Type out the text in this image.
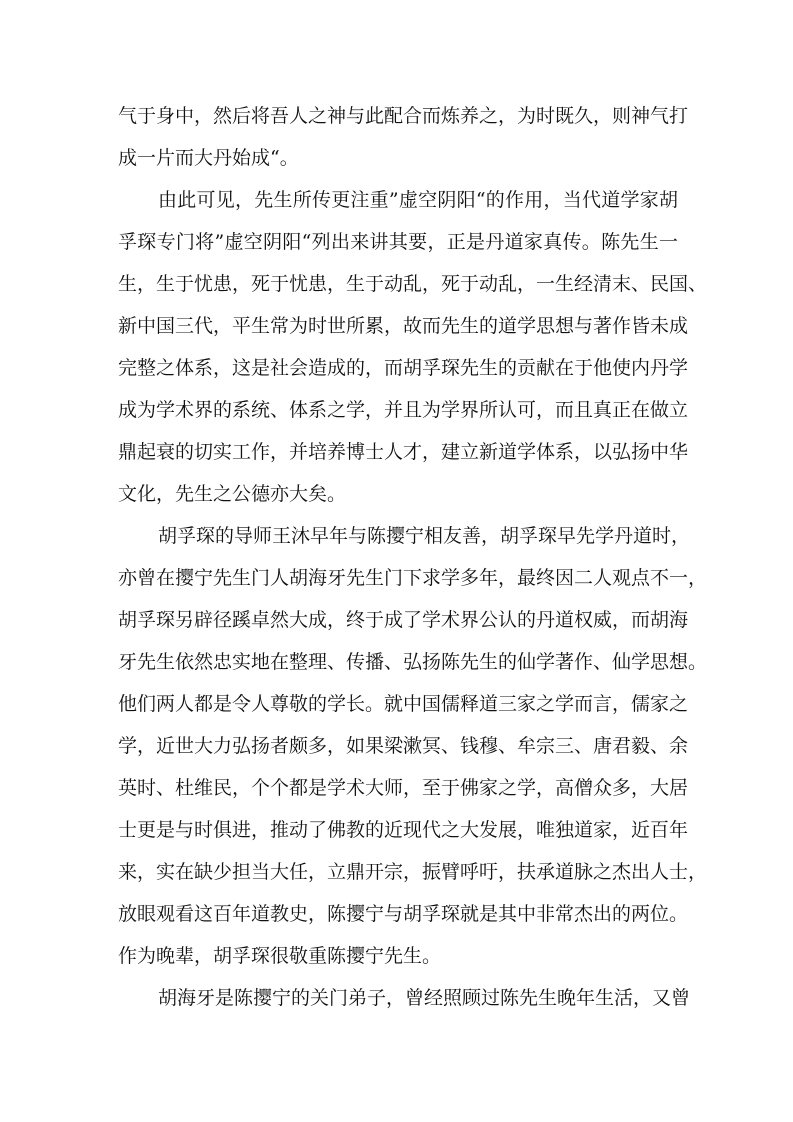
气于身中，然后将吾人之神与此配合而炼养之，为时既久，则神气打
成一片而大丹始成“。
由此可见，先生所传更注重”虚空阴阳“的作用，当代道学家胡
孚琛专门将”虚空阴阳“列出来讲其要，正是丹道家真传。陈先生一
生，生于忧患，死于忧患，生于动乱，死于动乱，一生经清末、民国、
新中国三代，平生常为时世所累，故而先生的道学思想与著作皆未成
完整之体系，这是社会造成的，而胡孚琛先生的贡献在于他使内丹学
成为学术界的系统、体系之学，并且为学界所认可，而且真正在做立
鼎起衰的切实工作，并培养博士人才，建立新道学体系，以弘扬中华
文化，先生之公德亦大矣。
胡孚琛的导师王沐早年与陈撄宁相友善，胡孚琛早先学丹道时，
亦曾在撄宁先生门人胡海牙先生门下求学多年，最终因二人观点不一，
胡孚琛另辟径蹊卓然大成，终于成了学术界公认的丹道权威，而胡海
牙先生依然忠实地在整理、传播、弘扬陈先生的仙学著作、仙学思想。
他们两人都是令人尊敬的学长。就中国儒释道三家之学而言，儒家之
学，近世大力弘扬者颇多，如果梁漱冥、钱穆、牟宗三、唐君毅、余
英时、杜维民，个个都是学术大师，至于佛家之学，高僧众多，大居
士更是与时俱进，推动了佛教的近现代之大发展，唯独道家，近百年
来，实在缺少担当大任，立鼎开宗，振臂呼吁，扶承道脉之杰出人士，
放眼观看这百年道教史，陈撄宁与胡孚琛就是其中非常杰出的两位。
作为晚辈，胡孚琛很敬重陈撄宁先生。
胡海牙是陈撄宁的关门弟子，曾经照顾过陈先生晚年生活，又曾
